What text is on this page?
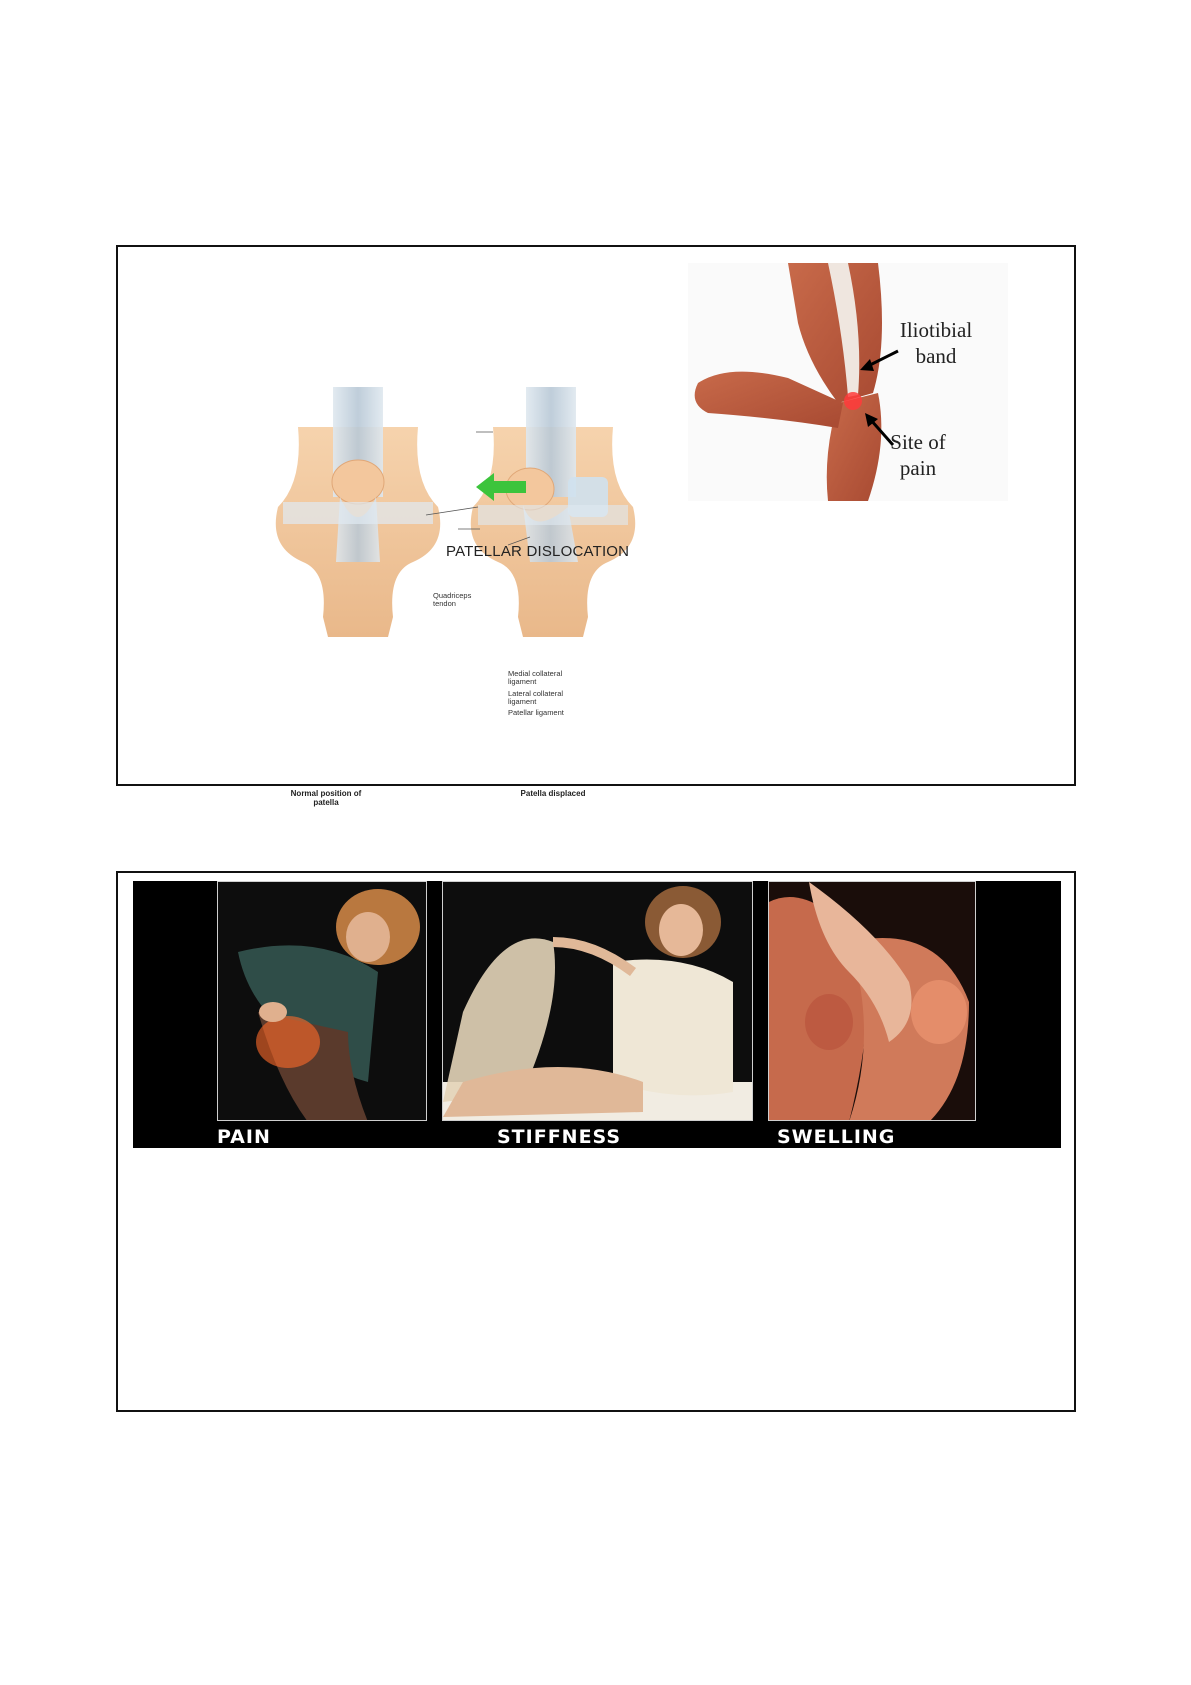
PATELLAR DISLOCATION
Quadriceps tendon
Medial collateral ligament
Lateral collateral ligament
Patellar ligament
Normal position of patella
Patella displaced
Iliotibial band
Site of pain
PAIN	STIFFNESS	SWELLING
